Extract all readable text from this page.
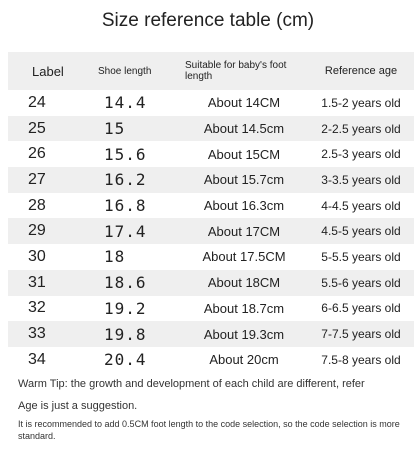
Size reference table (cm)
Label	Shoe length	Suitable for baby's foot length	Reference age
24	14.4	About 14CM	1.5-2 years old
25	15	About 14.5cm	2-2.5 years old
26	15.6	About 15CM	2.5-3 years old
27	16.2	About 15.7cm	3-3.5 years old
28	16.8	About 16.3cm	4-4.5 years old
29	17.4	About 17CM	4.5-5 years old
30	18	About 17.5CM	5-5.5 years old
31	18.6	About 18CM	5.5-6 years old
32	19.2	About 18.7cm	6-6.5 years old
33	19.8	About 19.3cm	7-7.5 years old
34	20.4	About 20cm	7.5-8 years old

Warm Tip: the growth and development of each child are different, refer

Age is just a suggestion.

It is recommended to add 0.5CM foot length to the code selection, so the code selection is more standard.
